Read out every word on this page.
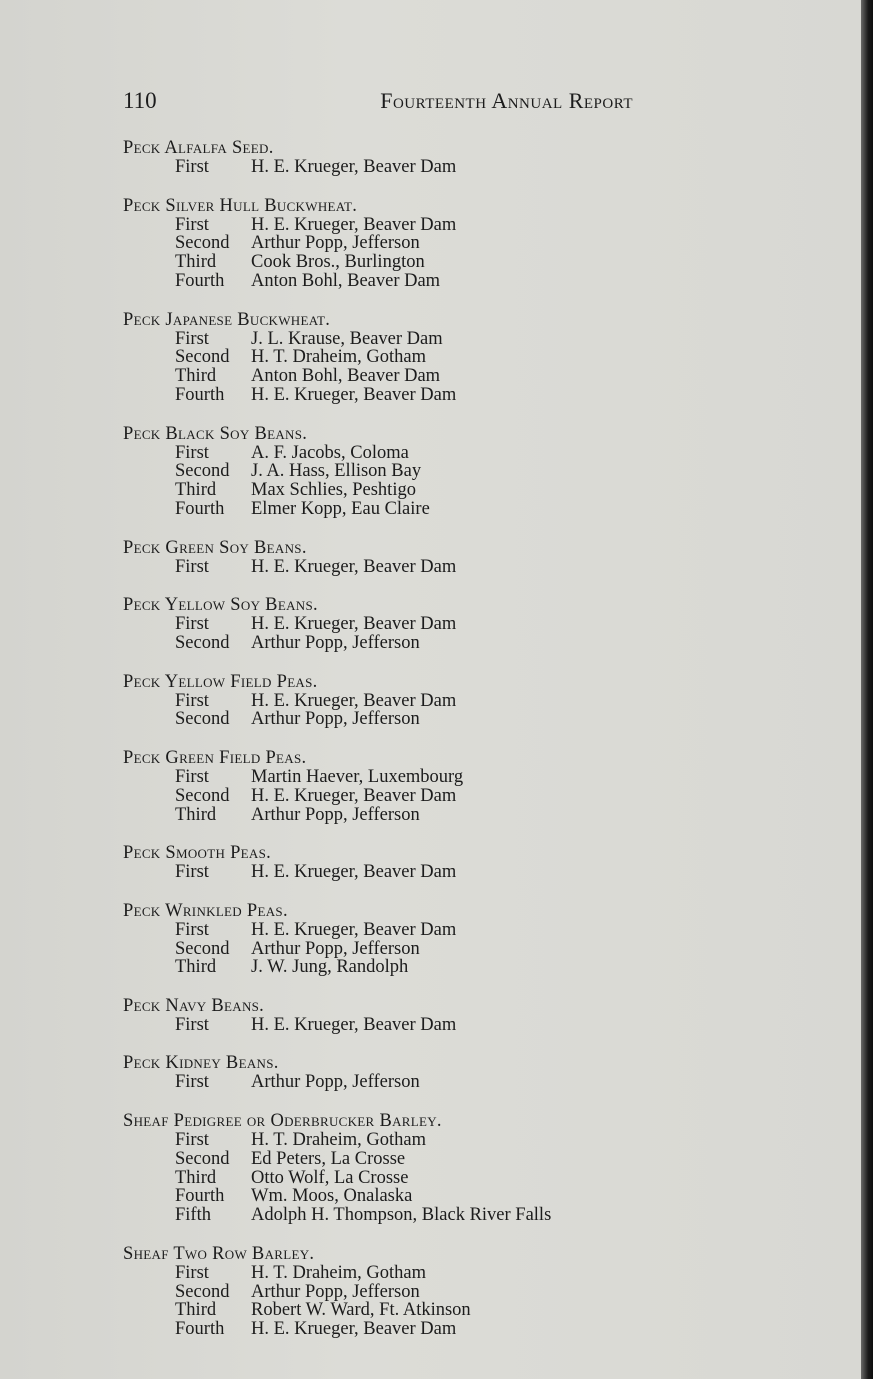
110	Fourteenth Annual Report
Peck Alfalfa Seed.
First	H. E. Krueger, Beaver Dam
Peck Silver Hull Buckwheat.
First	H. E. Krueger, Beaver Dam
Second	Arthur Popp, Jefferson
Third	Cook Bros., Burlington
Fourth	Anton Bohl, Beaver Dam
Peck Japanese Buckwheat.
First	J. L. Krause, Beaver Dam
Second	H. T. Draheim, Gotham
Third	Anton Bohl, Beaver Dam
Fourth	H. E. Krueger, Beaver Dam
Peck Black Soy Beans.
First	A. F. Jacobs, Coloma
Second	J. A. Hass, Ellison Bay
Third	Max Schlies, Peshtigo
Fourth	Elmer Kopp, Eau Claire
Peck Green Soy Beans.
First	H. E. Krueger, Beaver Dam
Peck Yellow Soy Beans.
First	H. E. Krueger, Beaver Dam
Second	Arthur Popp, Jefferson
Peck Yellow Field Peas.
First	H. E. Krueger, Beaver Dam
Second	Arthur Popp, Jefferson
Peck Green Field Peas.
First	Martin Haever, Luxembourg
Second	H. E. Krueger, Beaver Dam
Third	Arthur Popp, Jefferson
Peck Smooth Peas.
First	H. E. Krueger, Beaver Dam
Peck Wrinkled Peas.
First	H. E. Krueger, Beaver Dam
Second	Arthur Popp, Jefferson
Third	J. W. Jung, Randolph
Peck Navy Beans.
First	H. E. Krueger, Beaver Dam
Peck Kidney Beans.
First	Arthur Popp, Jefferson
Sheaf Pedigree or Oderbrucker Barley.
First	H. T. Draheim, Gotham
Second	Ed Peters, La Crosse
Third	Otto Wolf, La Crosse
Fourth	Wm. Moos, Onalaska
Fifth	Adolph H. Thompson, Black River Falls
Sheaf Two Row Barley.
First	H. T. Draheim, Gotham
Second	Arthur Popp, Jefferson
Third	Robert W. Ward, Ft. Atkinson
Fourth	H. E. Krueger, Beaver Dam
